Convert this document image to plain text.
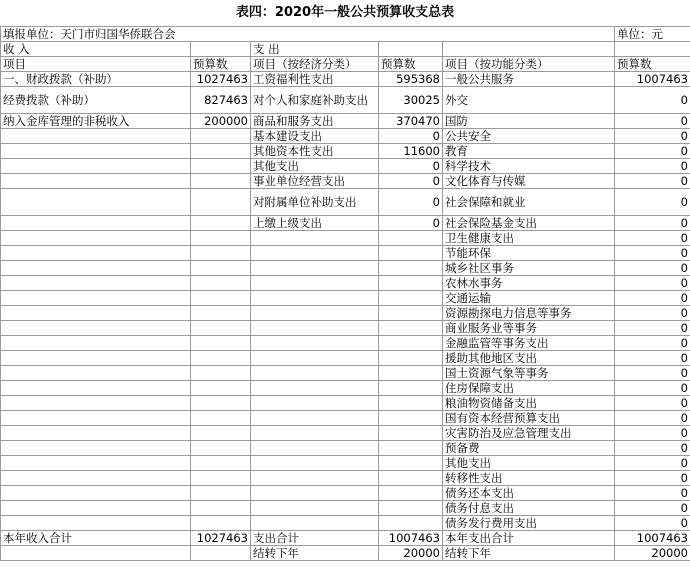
表四：2020年一般公共预算收支总表
填报单位：天门市归国华侨联合会					单位：元
收 入		支 出			
项目	预算数	项目（按经济分类）	预算数	项目（按功能分类）	预算数
一、财政拨款（补助）	1027463	工资福利性支出	595368	一般公共服务	1007463
经费拨款（补助）	827463	对个人和家庭补助支出	30025	外交	0
纳入金库管理的非税收入	200000	商品和服务支出	370470	国防	0
		基本建设支出	0	公共安全	0
		其他资本性支出	11600	教育	0
		其他支出	0	科学技术	0
		事业单位经营支出	0	文化体育与传媒	0
		对附属单位补助支出	0	社会保障和就业	0
		上缴上级支出	0	社会保险基金支出	0
				卫生健康支出	0
				节能环保	0
				城乡社区事务	0
				农林水事务	0
				交通运输	0
				资源勘探电力信息等事务	0
				商业服务业等事务	0
				金融监管等事务支出	0
				援助其他地区支出	0
				国土资源气象等事务	0
				住房保障支出	0
				粮油物资储备支出	0
				国有资本经营预算支出	0
				灾害防治及应急管理支出	0
				预备费	0
				其他支出	0
				转移性支出	0
				债务还本支出	0
				债务付息支出	0
				债务发行费用支出	0
本年收入合计	1027463	支出合计	1007463	本年支出合计	1007463
		结转下年	20000	结转下年	20000
